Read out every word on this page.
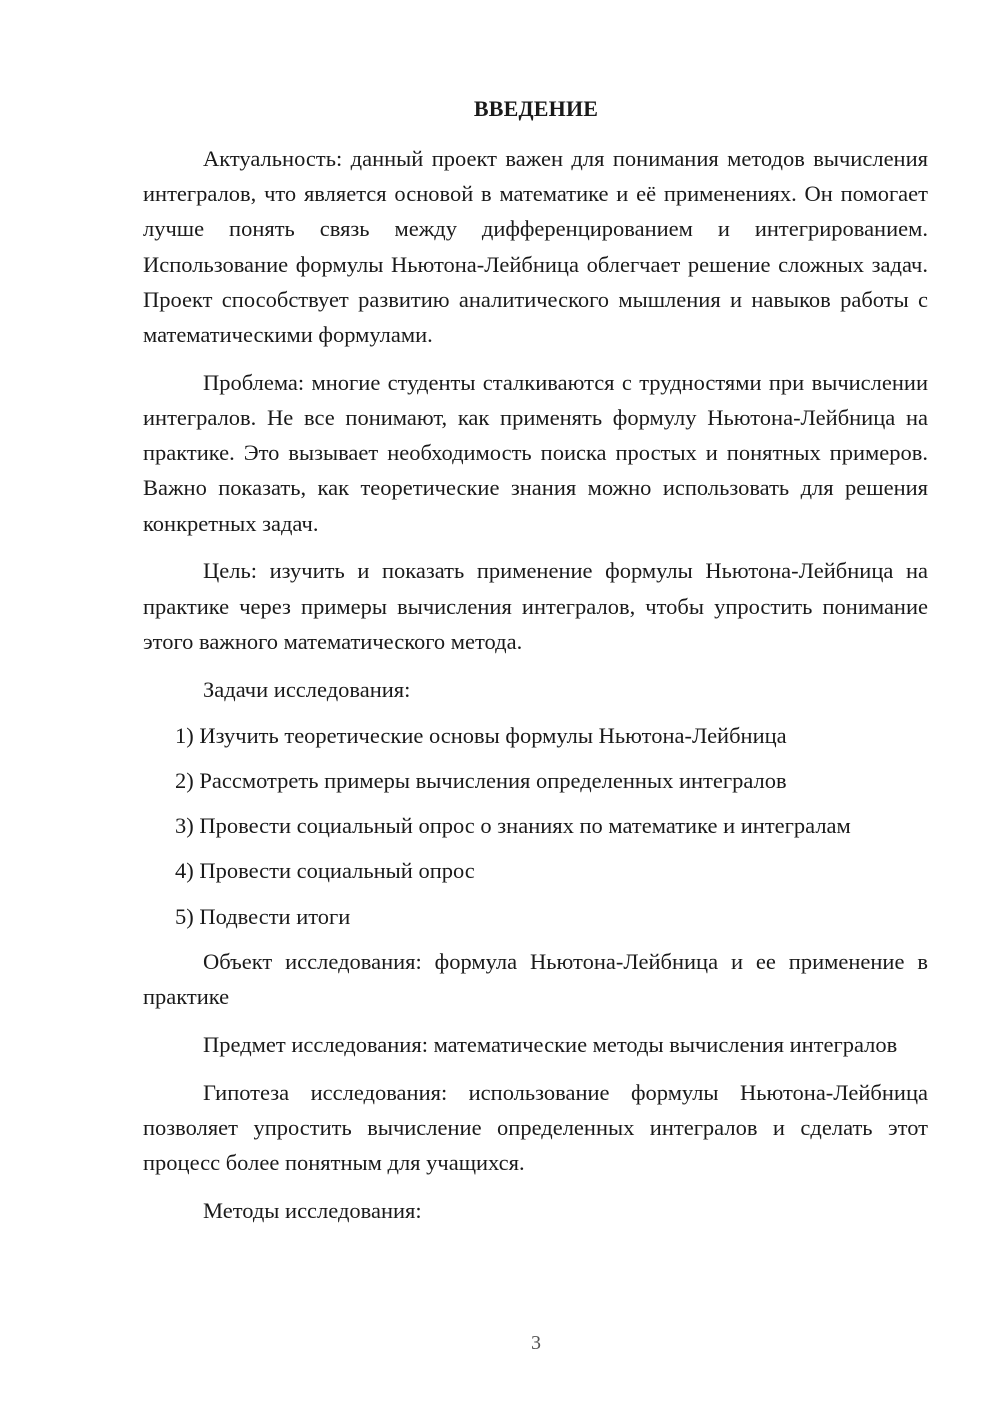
ВВЕДЕНИЕ

Актуальность: данный проект важен для понимания методов вычисления интегралов, что является основой в математике и её применениях. Он помогает лучше понять связь между дифференцированием и интегрированием. Использование формулы Ньютона-Лейбница облегчает решение сложных задач. Проект способствует развитию аналитического мышления и навыков работы с математическими формулами.

Проблема: многие студенты сталкиваются с трудностями при вычислении интегралов. Не все понимают, как применять формулу Ньютона-Лейбница на практике. Это вызывает необходимость поиска простых и понятных примеров. Важно показать, как теоретические знания можно использовать для решения конкретных задач.

Цель: изучить и показать применение формулы Ньютона-Лейбница на практике через примеры вычисления интегралов, чтобы упростить понимание этого важного математического метода.

Задачи исследования:

1) Изучить теоретические основы формулы Ньютона-Лейбница

2) Рассмотреть примеры вычисления определенных интегралов

3) Провести социальный опрос о знаниях по математике и интегралам

4) Провести социальный опрос

5) Подвести итоги

Объект исследования: формула Ньютона-Лейбница и ее применение в практике

Предмет исследования: математические методы вычисления интегралов

Гипотеза исследования: использование формулы Ньютона-Лейбница позволяет упростить вычисление определенных интегралов и сделать этот процесс более понятным для учащихся.

Методы исследования:

3
